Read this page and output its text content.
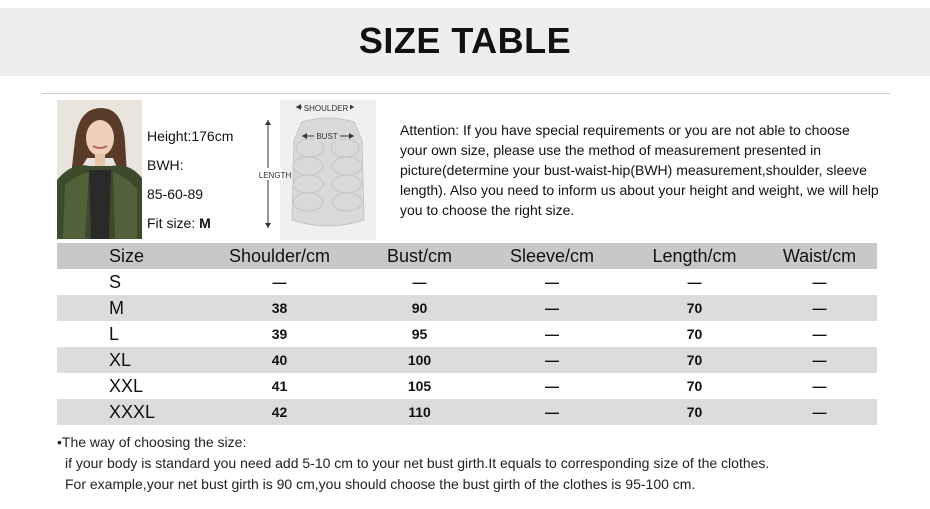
SIZE TABLE
Height:176cm
BWH:
85-60-89
Fit size: M
SHOULDER
BUST
LENGTH
Attention: If you have special requirements or you are not able to choose your own size, please use the method of measurement presented in picture(determine your bust-waist-hip(BWH) measurement,shoulder, sleeve length). Also you need to inform us about your height and weight, we will help you to choose the right size.
Size	Shoulder/cm	Bust/cm	Sleeve/cm	Length/cm	Waist/cm
S	—	—	—	—	—
M	38	90	—	70	—
L	39	95	—	70	—
XL	40	100	—	70	—
XXL	41	105	—	70	—
XXXL	42	110	—	70	—
•The way of choosing the size:
if your body is standard you need add 5-10 cm to your net bust girth.It equals to corresponding size of the clothes.
For example,your net bust girth is 90 cm,you should choose the bust girth of the clothes is 95-100 cm.
